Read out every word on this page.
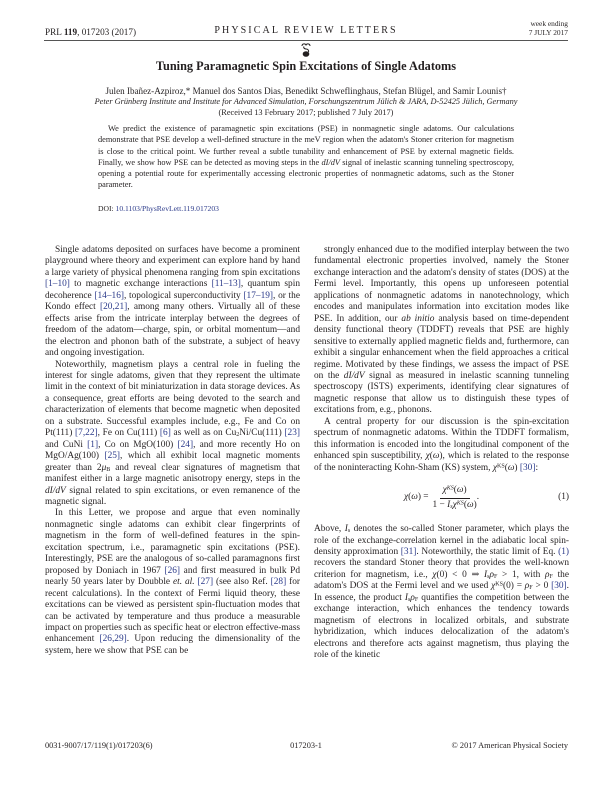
PRL 119, 017203 (2017)	PHYSICAL REVIEW LETTERS
week ending
7 JULY 2017
Tuning Paramagnetic Spin Excitations of Single Adatoms
Julen Ibañez-Azpiroz,* Manuel dos Santos Dias, Benedikt Schweflinghaus, Stefan Blügel, and Samir Lounis†
Peter Grünberg Institute and Institute for Advanced Simulation, Forschungszentrum Jülich & JARA, D-52425 Jülich, Germany
(Received 13 February 2017; published 7 July 2017)

We predict the existence of paramagnetic spin excitations (PSE) in nonmagnetic single adatoms. Our calculations demonstrate that PSE develop a well-defined structure in the meV region when the adatom's Stoner criterion for magnetism is close to the critical point. We further reveal a subtle tunability and enhancement of PSE by external magnetic fields. Finally, we show how PSE can be detected as moving steps in the dI/dV signal of inelastic scanning tunneling spectroscopy, opening a potential route for experimentally accessing electronic properties of nonmagnetic adatoms, such as the Stoner parameter.

DOI: 10.1103/PhysRevLett.119.017203

Single adatoms deposited on surfaces have become a prominent playground where theory and experiment can explore hand by hand a large variety of physical phenomena ranging from spin excitations [1–10] to magnetic exchange interactions [11–13], quantum spin decoherence [14–16], topological superconductivity [17–19], or the Kondo effect [20,21], among many others. Virtually all of these effects arise from the intricate interplay between the degrees of freedom of the adatom—charge, spin, or orbital momentum—and the electron and phonon bath of the substrate, a subject of heavy and ongoing investigation.

Noteworthily, magnetism plays a central role in fueling the interest for single adatoms, given that they represent the ultimate limit in the context of bit miniaturization in data storage devices. As a consequence, great efforts are being devoted to the search and characterization of elements that become magnetic when deposited on a substrate. Successful examples include, e.g., Fe and Co on Pt(111) [7,22], Fe on Cu(111) [6] as well as on $Cu_2Ni/Cu(111)$ [23] and CuNi [1], Co on MgO(100) [24], and more recently Ho on MgO/Ag(100) [25], which all exhibit local magnetic moments greater than $2\mu_B$ and reveal clear signatures of magnetism that manifest either in a large magnetic anisotropy energy, steps in the dI/dV signal related to spin excitations, or even remanence of the magnetic signal.

In this Letter, we propose and argue that even nominally nonmagnetic single adatoms can exhibit clear fingerprints of magnetism in the form of well-defined features in the spin-excitation spectrum, i.e., paramagnetic spin excitations (PSE). Interestingly, PSE are the analogous of so-called paramagnons first proposed by Doniach in 1967 [26] and first measured in bulk Pd nearly 50 years later by Doubble et. al. [27] (see also Ref. [28] for recent calculations). In the context of Fermi liquid theory, these excitations can be viewed as persistent spin-fluctuation modes that can be activated by temperature and thus produce a measurable impact on properties such as specific heat or electron effective-mass enhancement [26,29]. Upon reducing the dimensionality of the system, here we show that PSE can be

strongly enhanced due to the modified interplay between the two fundamental electronic properties involved, namely the Stoner exchange interaction and the adatom's density of states (DOS) at the Fermi level. Importantly, this opens up unforeseen potential applications of nonmagnetic adatoms in nanotechnology, which encodes and manipulates information into excitation modes like PSE. In addition, our ab initio analysis based on time-dependent density functional theory (TDDFT) reveals that PSE are highly sensitive to externally applied magnetic fields and, furthermore, can exhibit a singular enhancement when the field approaches a critical regime. Motivated by these findings, we assess the impact of PSE on the dI/dV signal as measured in inelastic scanning tunneling spectroscopy (ISTS) experiments, identifying clear signatures of magnetic response that allow us to distinguish these types of excitations from, e.g., phonons.

A central property for our discussion is the spin-excitation spectrum of nonmagnetic adatoms. Within the TDDFT formalism, this information is encoded into the longitudinal component of the enhanced spin susceptibility, χ(ω), which is related to the response of the noninteracting Kohn-Sham (KS) system, $\chi^{KS}(\omega)$ [30]:

$\chi(\omega) = \frac{\chi^{KS}(\omega)}{1 - I_s\chi^{KS}(\omega)}$ .	(1)

Above, $I_s$ denotes the so-called Stoner parameter, which plays the role of the exchange-correlation kernel in the adiabatic local spin-density approximation [31]. Noteworthily, the static limit of Eq. (1) recovers the standard Stoner theory that provides the well-known criterion for magnetism, i.e., χ(0) < 0 ⇒ $I_s\rho_F > 1$, with $\rho_F$ the adatom's DOS at the Fermi level and we used $\chi^{KS}(0) = \rho_F > 0$ [30]. In essence, the product $I_s\rho_F$ quantifies the competition between the exchange interaction, which enhances the tendency towards magnetism of electrons in localized orbitals, and substrate hybridization, which induces delocalization of the adatom's electrons and therefore acts against magnetism, thus playing the role of the kinetic

0031-9007/17/119(1)/017203(6)	017203-1	© 2017 American Physical Society
